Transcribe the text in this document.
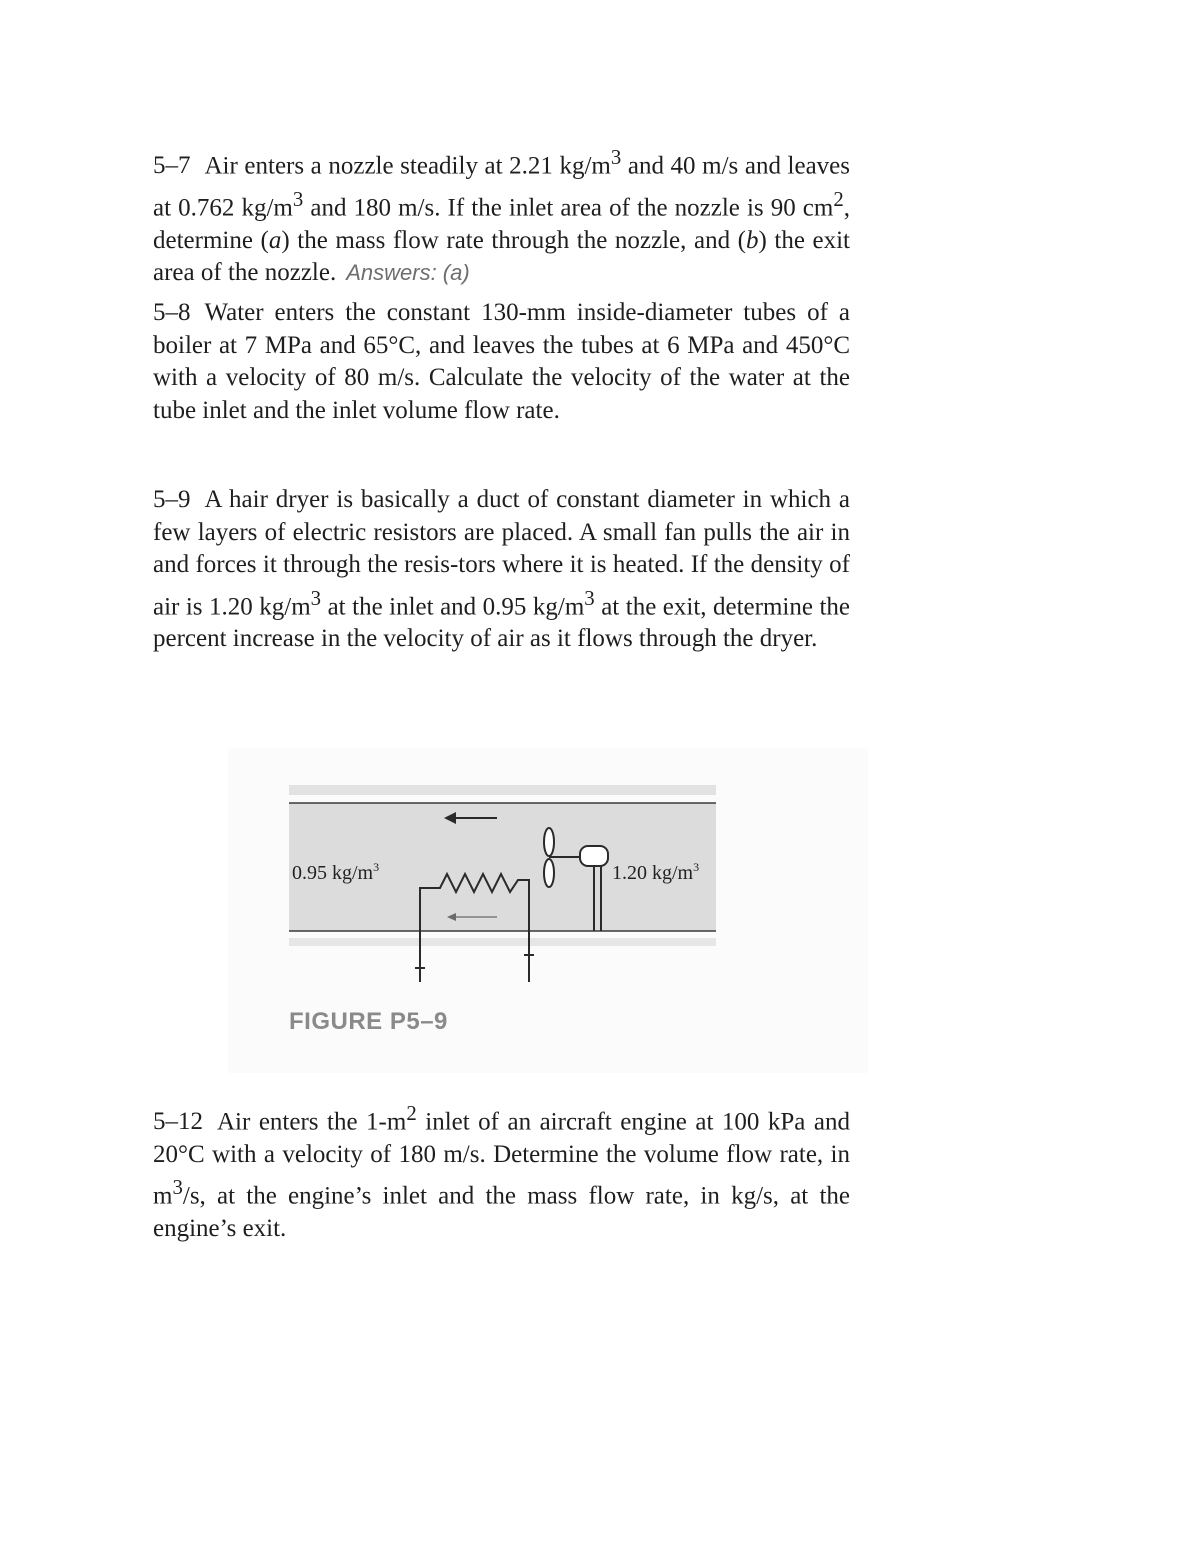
5–7 Air enters a nozzle steadily at 2.21 $kg/m^3$ and 40 m/s and leaves at 0.762 $kg/m^3$ and 180 m/s. If the inlet area of the nozzle is 90 $cm^2$, determine (a) the mass flow rate through the nozzle, and (b) the exit area of the nozzle. Answers: (a)
5–8 Water enters the constant 130-mm inside-diameter tubes of a boiler at 7 MPa and 65°C, and leaves the tubes at 6 MPa and 450°C with a velocity of 80 m/s. Calculate the velocity of the water at the tube inlet and the inlet volume flow rate.
5–9 A hair dryer is basically a duct of constant diameter in which a few layers of electric resistors are placed. A small fan pulls the air in and forces it through the resis-tors where it is heated. If the density of air is 1.20 $kg/m^3$ at the inlet and 0.95 $kg/m^3$ at the exit, determine the percent increase in the velocity of air as it flows through the dryer.
0.95 $kg/m^3$	1.20 $kg/m^3$
FIGURE P5–9
5–12 Air enters the $1-m^2$ inlet of an aircraft engine at 100 kPa and 20°C with a velocity of 180 m/s. Determine the volume flow rate, in $m^3/s$, at the engine’s inlet and the mass flow rate, in kg/s, at the engine’s exit.
